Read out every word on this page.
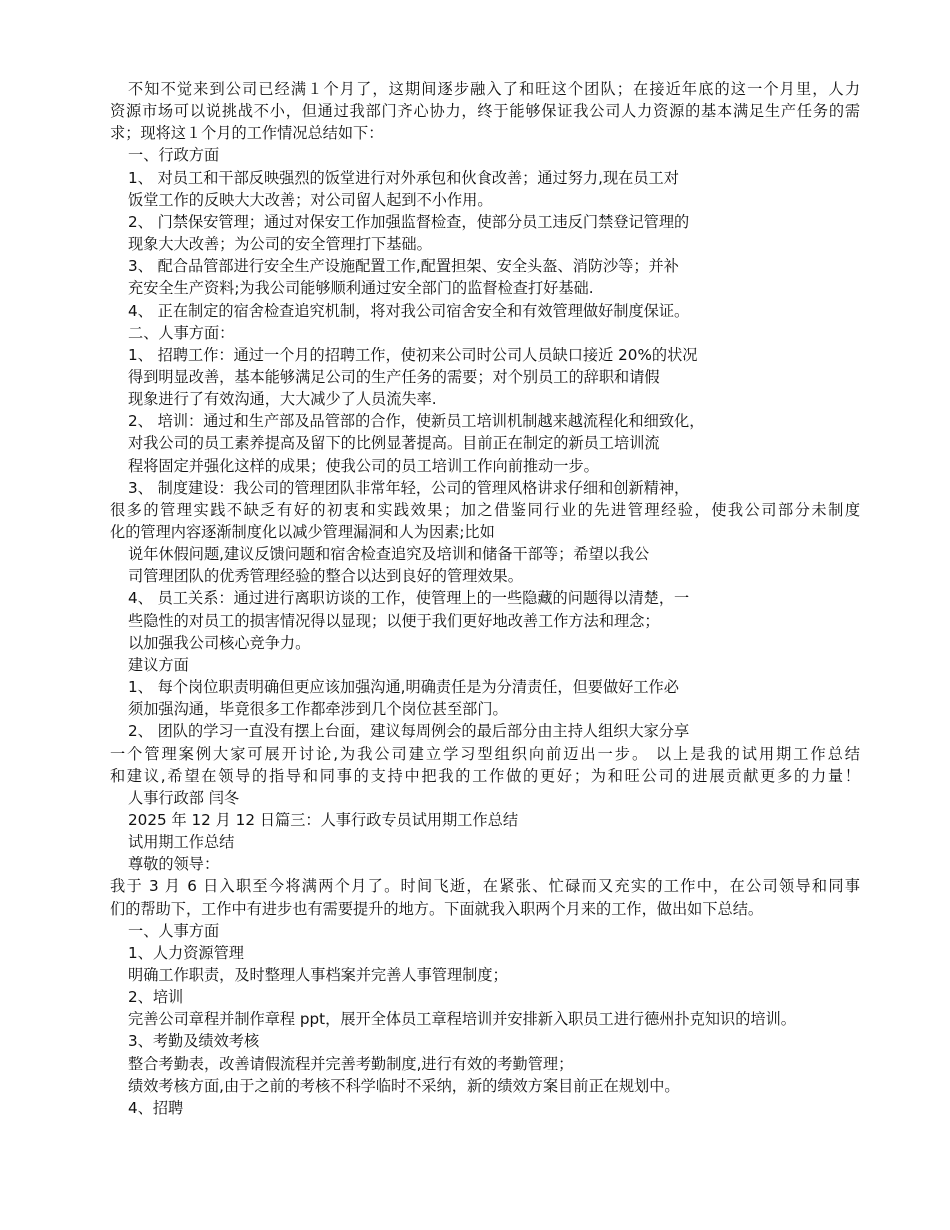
不知不觉来到公司已经满１个月了，这期间逐步融入了和旺这个团队；在接近年底的这一个月里，人力
资源市场可以说挑战不小，但通过我部门齐心协力，终于能够保证我公司人力资源的基本满足生产任务的需
求；现将这１个月的工作情况总结如下：
一、行政方面
1、 对员工和干部反映强烈的饭堂进行对外承包和伙食改善；通过努力,现在员工对
饭堂工作的反映大大改善；对公司留人起到不小作用。
2、 门禁保安管理；通过对保安工作加强监督检查，使部分员工违反门禁登记管理的
现象大大改善；为公司的安全管理打下基础。
3、 配合品管部进行安全生产设施配置工作,配置担架、安全头盔、消防沙等；并补
充安全生产资料;为我公司能够顺利通过安全部门的监督检查打好基础.
4、 正在制定的宿舍检查追究机制，将对我公司宿舍安全和有效管理做好制度保证。
二、人事方面：
1、 招聘工作：通过一个月的招聘工作，使初来公司时公司人员缺口接近 20%的状况
得到明显改善，基本能够满足公司的生产任务的需要；对个别员工的辞职和请假
现象进行了有效沟通，大大减少了人员流失率.
2、 培训：通过和生产部及品管部的合作，使新员工培训机制越来越流程化和细致化，
对我公司的员工素养提高及留下的比例显著提高。目前正在制定的新员工培训流
程将固定并强化这样的成果；使我公司的员工培训工作向前推动一步。
3、 制度建设：我公司的管理团队非常年轻，公司的管理风格讲求仔细和创新精神，
很多的管理实践不缺乏有好的初衷和实践效果；加之借鉴同行业的先进管理经验，使我公司部分未制度
化的管理内容逐渐制度化以减少管理漏洞和人为因素;比如
说年休假问题,建议反馈问题和宿舍检查追究及培训和储备干部等；希望以我公
司管理团队的优秀管理经验的整合以达到良好的管理效果。
4、 员工关系：通过进行离职访谈的工作，使管理上的一些隐藏的问题得以清楚，一
些隐性的对员工的损害情况得以显现；以便于我们更好地改善工作方法和理念；
以加强我公司核心竞争力。
建议方面
1、 每个岗位职责明确但更应该加强沟通,明确责任是为分清责任，但要做好工作必
须加强沟通，毕竟很多工作都牵涉到几个岗位甚至部门。
2、 团队的学习一直没有摆上台面，建议每周例会的最后部分由主持人组织大家分享
一个管理案例大家可展开讨论,为我公司建立学习型组织向前迈出一步。 以上是我的试用期工作总结
和建议,希望在领导的指导和同事的支持中把我的工作做的更好；为和旺公司的进展贡献更多的力量！
人事行政部 闫冬
2025 年 12 月 12 日篇三：人事行政专员试用期工作总结
试用期工作总结
尊敬的领导：
我于 3 月 6 日入职至今将满两个月了。时间飞逝，在紧张、忙碌而又充实的工作中，在公司领导和同事
们的帮助下，工作中有进步也有需要提升的地方。下面就我入职两个月来的工作，做出如下总结。
一、人事方面
1、人力资源管理
明确工作职责，及时整理人事档案并完善人事管理制度；
2、培训
完善公司章程并制作章程 ppt，展开全体员工章程培训并安排新入职员工进行德州扑克知识的培训。
3、考勤及绩效考核
整合考勤表，改善请假流程并完善考勤制度,进行有效的考勤管理；
绩效考核方面,由于之前的考核不科学临时不采纳，新的绩效方案目前正在规划中。
4、招聘
